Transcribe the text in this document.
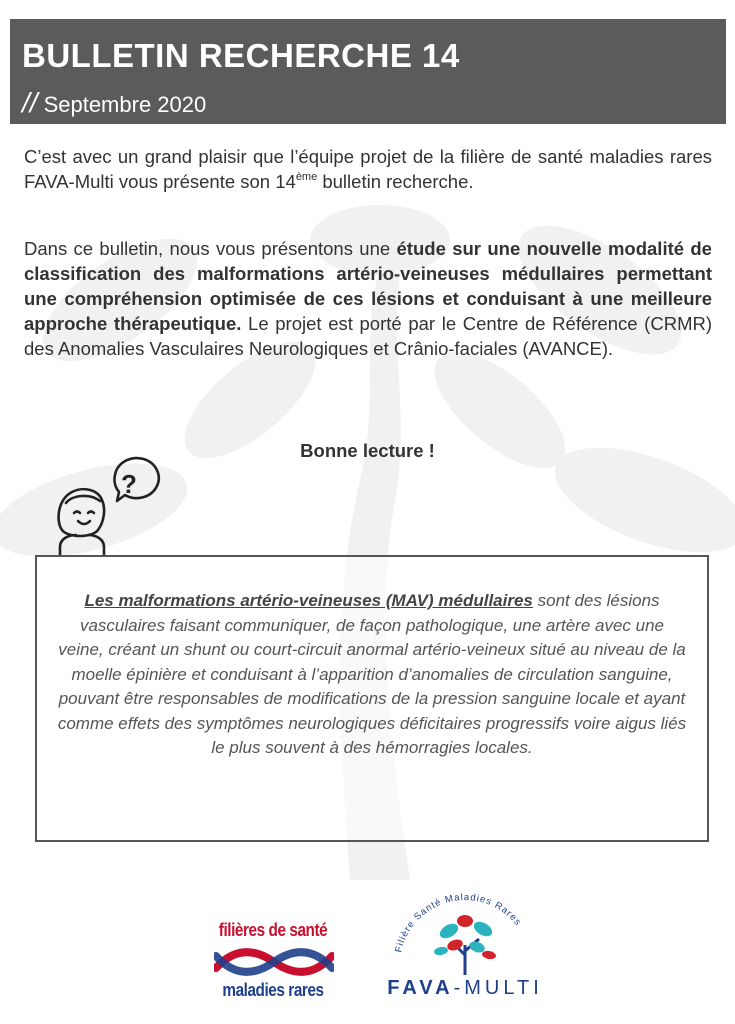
BULLETIN RECHERCHE 14
// Septembre 2020
C’est avec un grand plaisir que l’équipe projet de la filière de santé maladies rares FAVA-Multi vous présente son 14ème bulletin recherche.
Dans ce bulletin, nous vous présentons une étude sur une nouvelle modalité de classification des malformations artério-veineuses médullaires permettant une compréhension optimisée de ces lésions et conduisant à une meilleure approche thérapeutique. Le projet est porté par le Centre de Référence (CRMR) des Anomalies Vasculaires Neurologiques et Crânio-faciales (AVANCE).
Bonne lecture !
?
Les malformations artério-veineuses (MAV) médullaires sont des lésions vasculaires faisant communiquer, de façon pathologique, une artère avec une veine, créant un shunt ou court-circuit anormal artério-veineux situé au niveau de la moelle épinière et conduisant à l’apparition d’anomalies de circulation sanguine, pouvant être responsables de modifications de la pression sanguine locale et ayant comme effets des symptômes neurologiques déficitaires progressifs voire aigus liés le plus souvent à des hémorragies locales.
filières de santé
maladies rares
Filière Santé Maladies Rares
FAVA-MULTI
